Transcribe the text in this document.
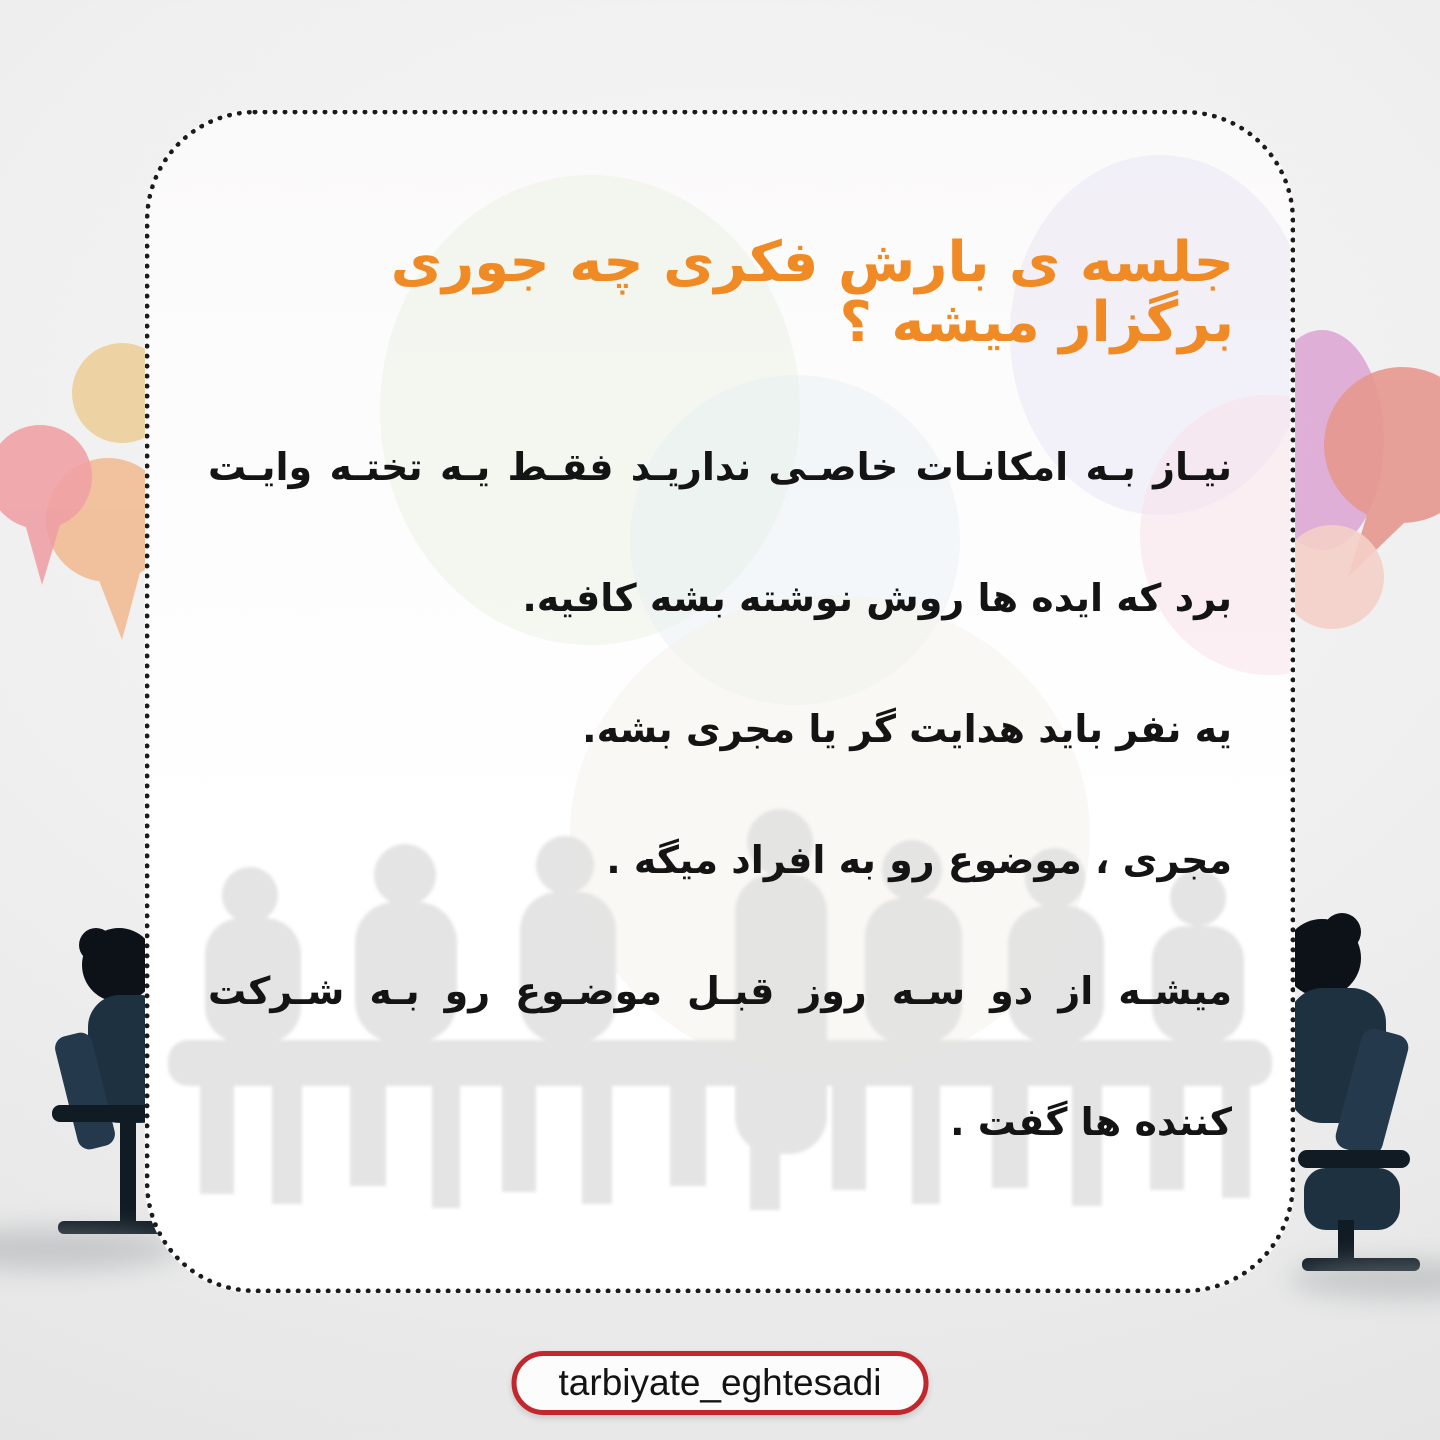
جلسه ی بارش فکری چه جوری برگزار میشه ؟
نیـاز بـه امکانـات خاصـی نداریـد فقـط یـه تختـه وایـت
برد که ایده ها روش نوشته بشه کافیه.
یه نفر باید هدایت گر یا مجری بشه.
مجری ، موضوع رو به افراد میگه .
میشـه از دو سـه روز قبـل موضـوع رو بـه شـرکت
کننده ها گفت .
tarbiyate_eghtesadi
